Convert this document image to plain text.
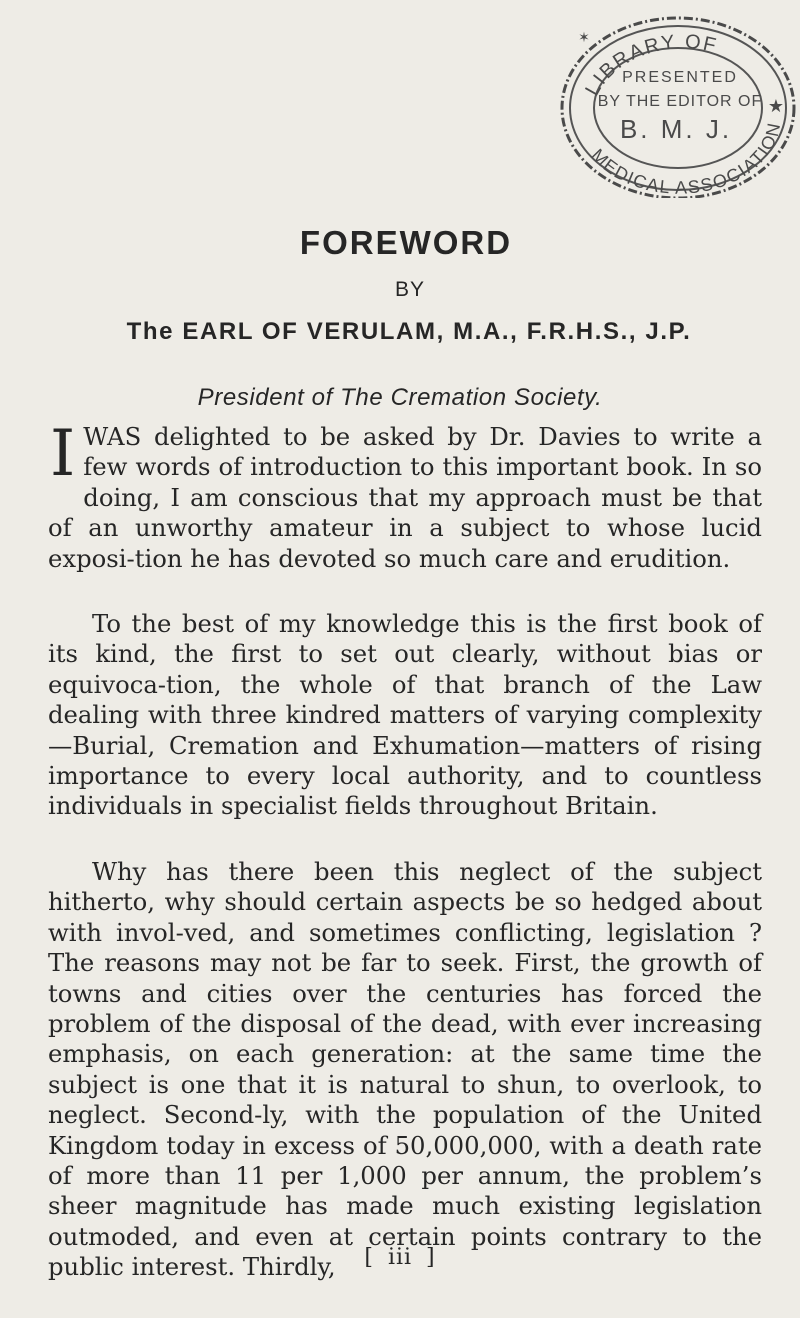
LIBRARY OF
MEDICAL ASSOCIATION
PRESENTED
BY THE EDITOR OF
B. M. J.
★
✶
FOREWORD
BY
The EARL OF VERULAM, M.A., F.R.H.S., J.P.
President of The Cremation Society.

IWAS delighted to be asked by Dr. Davies to write a few words of introduction to this important book. In so doing, I am conscious that my approach must be that of an unworthy amateur in a subject to whose lucid exposi-tion he has devoted so much care and erudition.

To the best of my knowledge this is the first book of its kind, the first to set out clearly, without bias or equivoca-tion, the whole of that branch of the Law dealing with three kindred matters of varying complexity—Burial, Cremation and Exhumation—matters of rising importance to every local authority, and to countless individuals in specialist fields throughout Britain.

Why has there been this neglect of the subject hitherto, why should certain aspects be so hedged about with invol-ved, and sometimes conflicting, legislation ? The reasons may not be far to seek. First, the growth of towns and cities over the centuries has forced the problem of the disposal of the dead, with ever increasing emphasis, on each generation: at the same time the subject is one that it is natural to shun, to overlook, to neglect. Second-ly, with the population of the United Kingdom today in excess of 50,000,000, with a death rate of more than 11 per 1,000 per annum, the problem’s sheer magnitude has made much existing legislation outmoded, and even at certain points contrary to the public interest. Thirdly,	[ iii ]
